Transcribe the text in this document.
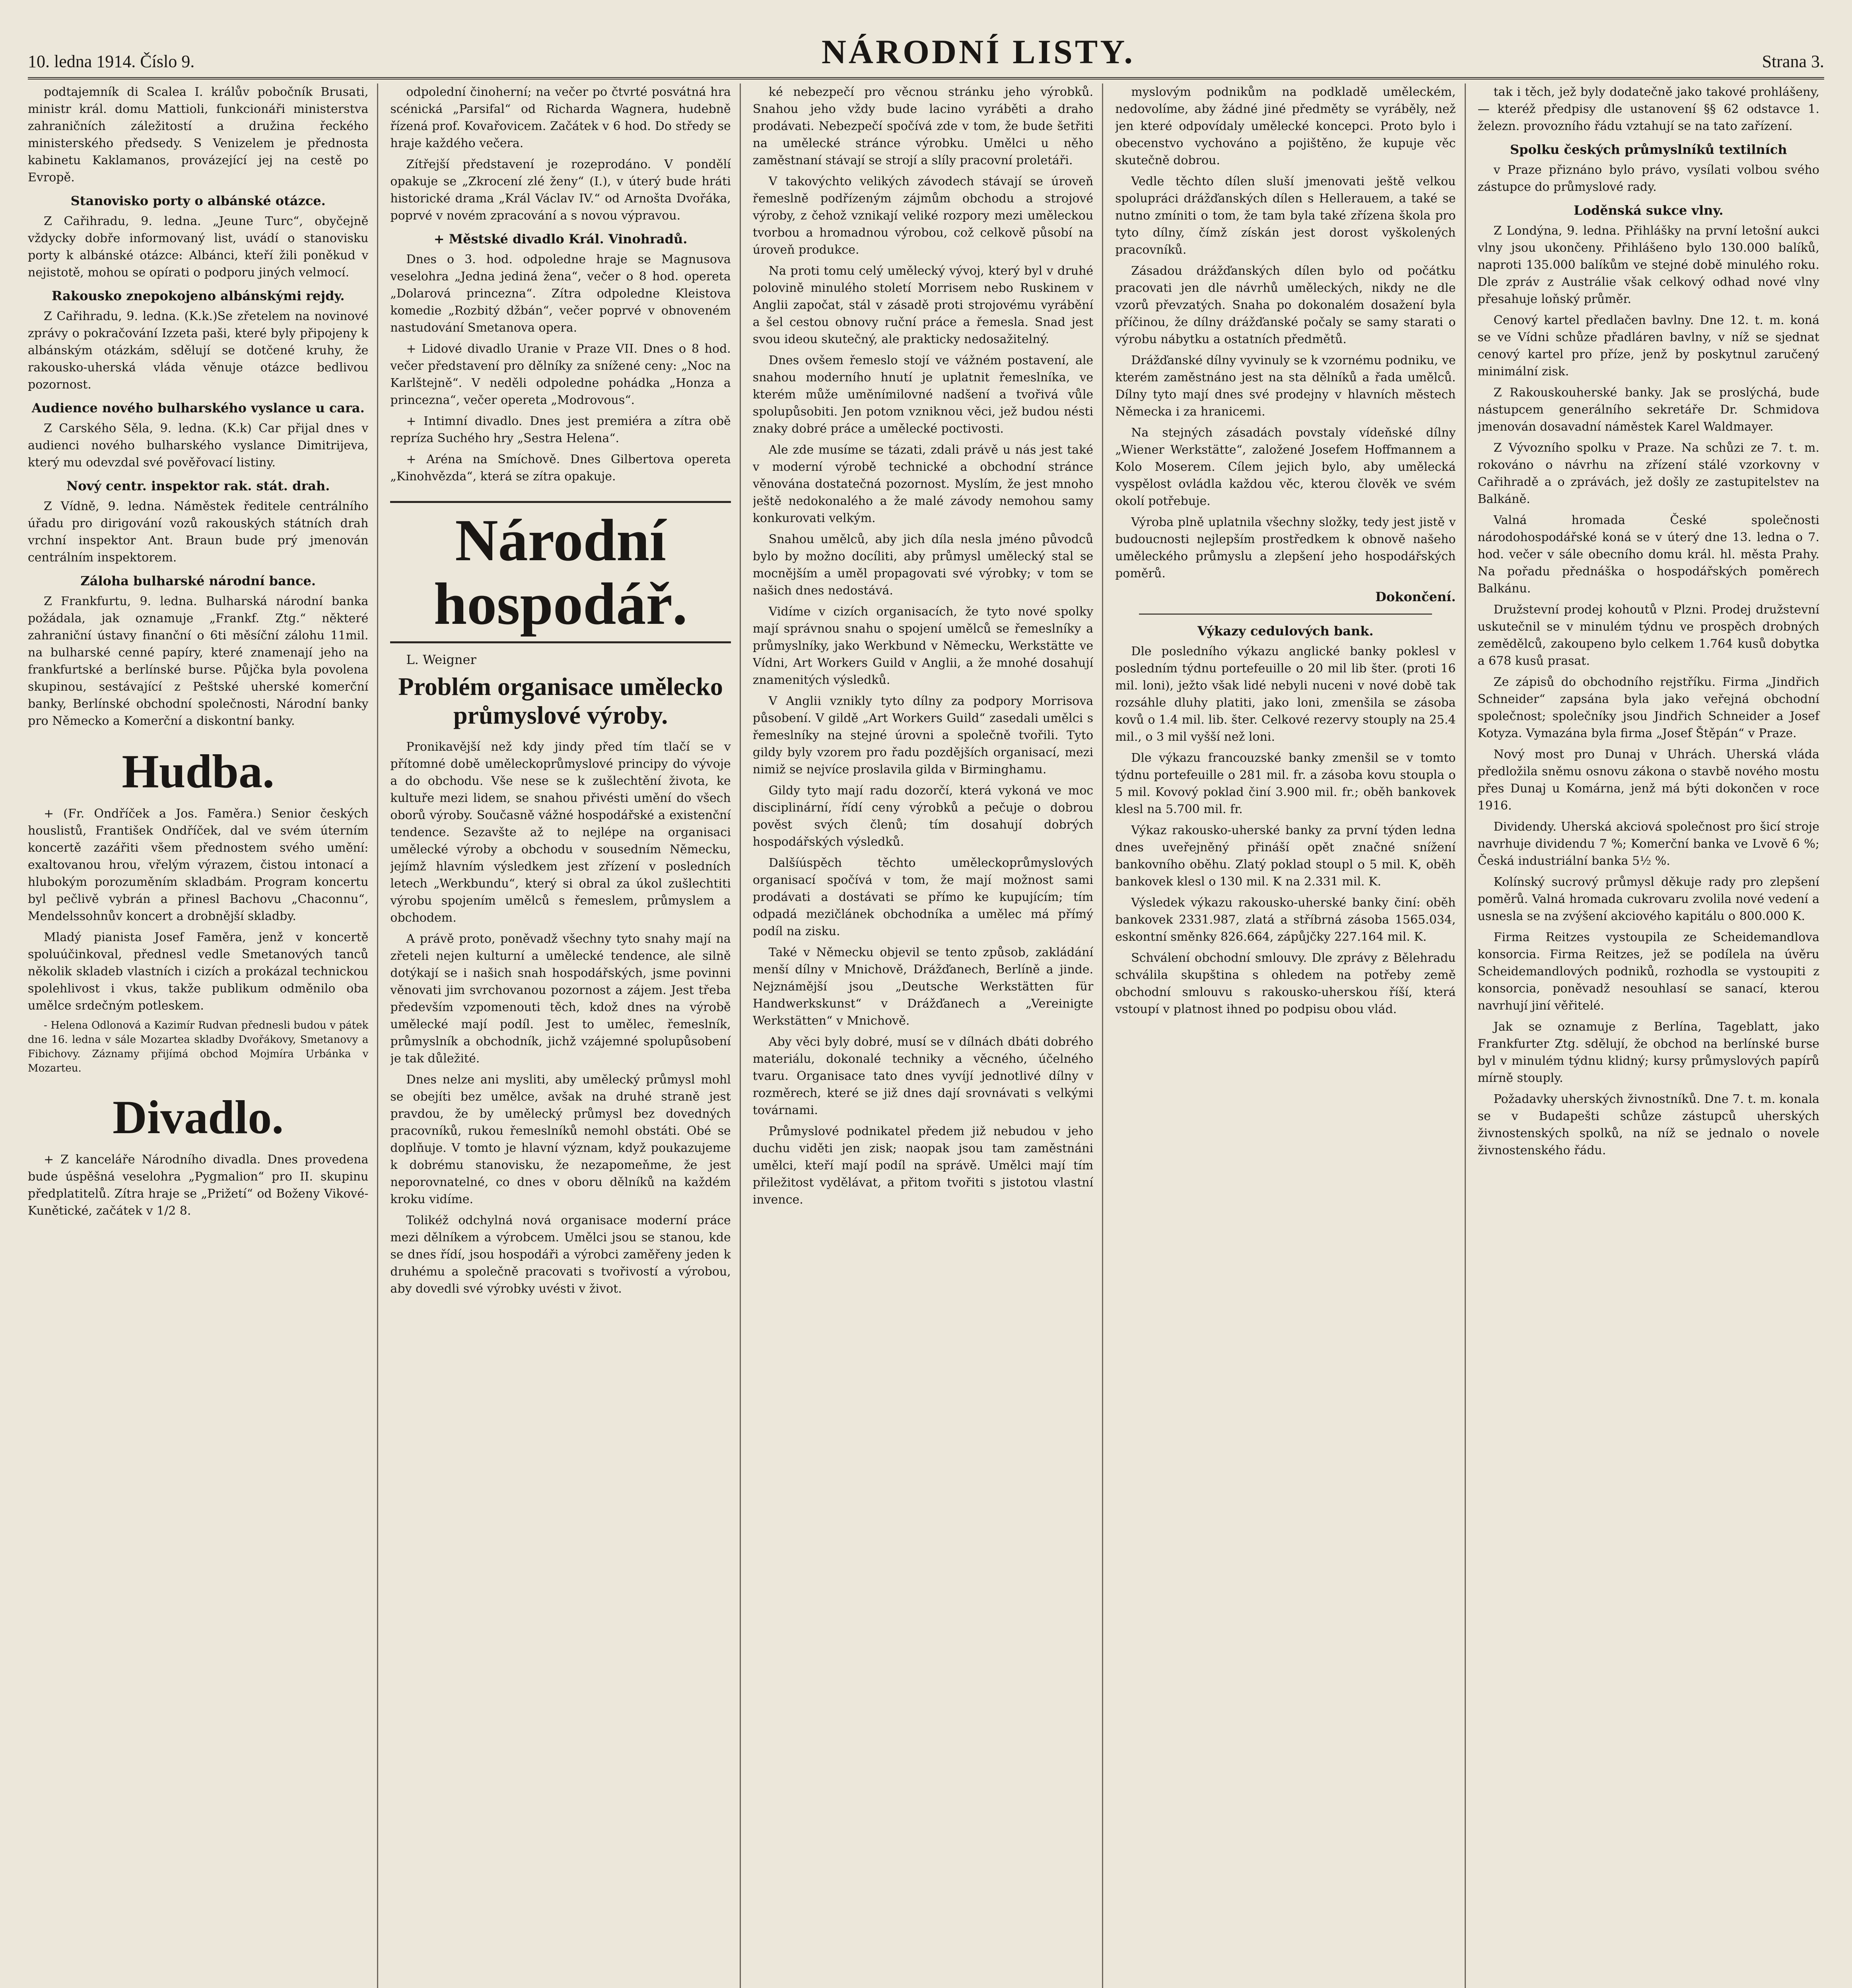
10. ledna 1914. Číslo 9.	NÁRODNÍ LISTY.	Strana 3.

podtajemník di Scalea I. králův pobočník Brusati, ministr král. domu Mattioli, funkcionáři ministerstva zahraničních záležitostí a družina řeckého ministerského předsedy. S Venizelem je přednosta kabinetu Kaklamanos, provázející jej na cestě po Evropě.

Stanovisko porty o albánské otázce.

Z Cařihradu, 9. ledna. „Jeune Turc“, obyčejně vždycky dobře informovaný list, uvádí o stanovisku porty k albánské otázce: Albánci, kteří žili poněkud v nejistotě, mohou se opírati o podporu jiných velmocí.

Rakousko znepokojeno albánskými rejdy.

Z Cařihradu, 9. ledna. (K.k.)Se zřetelem na novinové zprávy o pokračování Izzeta paši, které byly připojeny k albánským otázkám, sdělují se dotčené kruhy, že rakousko-uherská vláda věnuje otázce bedlivou pozornost.

Audience nového bulharského vyslance u cara.

Z Carského Sěla, 9. ledna. (K.k) Car přijal dnes v audienci nového bulharského vyslance Dimitrijeva, který mu odevzdal své pověřovací listiny.

Nový centr. inspektor rak. stát. drah.

Z Vídně, 9. ledna. Náměstek ředitele centrálního úřadu pro dirigování vozů rakouských státních drah vrchní inspektor Ant. Braun bude prý jmenován centrálním inspektorem.

Záloha bulharské národní bance.

Z Frankfurtu, 9. ledna. Bulharská národní banka požádala, jak oznamuje „Frankf. Ztg.“ některé zahraniční ústavy finanční o 6ti měsíční zálohu 11mil. na bulharské cenné papíry, které znamenají jeho na frankfurtské a berlínské burse. Půjčka byla povolena skupinou, sestávající z Peštské uherské komerční banky, Berlínské obchodní společnosti, Národní banky pro Německo a Komerční a diskontní banky.

Hudba.

+ (Fr. Ondříček a Jos. Faměra.) Senior českých houslistů, František Ondříček, dal ve svém úterním koncertě zazářiti všem přednostem svého umění: exaltovanou hrou, vřelým výrazem, čistou intonací a hlubokým porozuměním skladbám. Program koncertu byl pečlivě vybrán a přinesl Bachovu „Chaconnu“, Mendelssohnův koncert a drobnější skladby.

Mladý pianista Josef Faměra, jenž v koncertě spoluúčinkoval, přednesl vedle Smetanových tanců několik skladeb vlastních i cizích a prokázal technickou spolehlivost i vkus, takže publikum odměnilo oba umělce srdečným potleskem.

- Helena Odlonová a Kazimír Rudvan přednesli budou v pátek dne 16. ledna v sále Mozartea skladby Dvořákovy, Smetanovy a Fibichovy. Záznamy přijímá obchod Mojmíra Urbánka v Mozarteu.

Divadlo.

+ Z kanceláře Národního divadla. Dnes provedena bude úspěšná veselohra „Pygmalion“ pro II. skupinu předplatitelů. Zítra hraje se „Prižetí“ od Boženy Vikové-Kunětické, začátek v 1/2 8.

odpolední činoherní; na večer po čtvrté posvátná hra scénická „Parsifal“ od Richarda Wagnera, hudebně řízená prof. Kovařovicem. Začátek v 6 hod. Do středy se hraje každého večera.

Zítřejší představení je rozeprodáno. V pondělí opakuje se „Zkrocení zlé ženy“ (I.), v úterý bude hráti historické drama „Král Václav IV.“ od Arnošta Dvořáka, poprvé v novém zpracování a s novou výpravou.

+ Městské divadlo Král. Vinohradů.

Dnes o 3. hod. odpoledne hraje se Magnusova veselohra „Jedna jediná žena“, večer o 8 hod. opereta „Dolarová princezna“. Zítra odpoledne Kleistova komedie „Rozbitý džbán“, večer poprvé v obnoveném nastudování Smetanova opera.

+ Lidové divadlo Uranie v Praze VII. Dnes o 8 hod. večer představení pro dělníky za snížené ceny: „Noc na Karlštejně“. V neděli odpoledne pohádka „Honza a princezna“, večer opereta „Modrovous“.

+ Intimní divadlo. Dnes jest premiéra a zítra obě repríza Suchého hry „Sestra Helena“.

+ Aréna na Smíchově. Dnes Gilbertova opereta „Kinohvězda“, která se zítra opakuje.

Národní hospodář.

L. Weigner

Problém organisace umělecko průmyslové výroby.

Pronikavější než kdy jindy před tím tlačí se v přítomné době uměleckoprůmyslové principy do vývoje a do obchodu. Vše nese se k zušlechtění života, ke kultuře mezi lidem, se snahou přivésti umění do všech oborů výroby. Současně vážné hospodářské a existenční tendence. Sezavšte až to nejlépe na organisaci umělecké výroby a obchodu v sousedním Německu, jejímž hlavním výsledkem jest zřízení v posledních letech „Werkbundu“, který si obral za úkol zušlechtiti výrobu spojením umělců s řemeslem, průmyslem a obchodem.

A právě proto, poněvadž všechny tyto snahy mají na zřeteli nejen kulturní a umělecké tendence, ale silně dotýkají se i našich snah hospodářských, jsme povinni věnovati jim svrchovanou pozornost a zájem. Jest třeba především vzpomenouti těch, kdož dnes na výrobě umělecké mají podíl. Jest to umělec, řemeslník, průmyslník a obchodník, jichž vzájemné spolupůsobení je tak důležité.

Dnes nelze ani mysliti, aby umělecký průmysl mohl se obejíti bez umělce, avšak na druhé straně jest pravdou, že by umělecký průmysl bez dovedných pracovníků, rukou řemeslníků nemohl obstáti. Obé se doplňuje. V tomto je hlavní význam, když poukazujeme k dobrému stanovisku, že nezapomeňme, že jest neporovnatelné, co dnes v oboru dělníků na každém kroku vidíme.

Tolikéž odchylná nová organisace moderní práce mezi dělníkem a výrobcem. Umělci jsou se stanou, kde se dnes řídí, jsou hospodáři a výrobci zaměřeny jeden k druhému a společně pracovati s tvořivostí a výrobou, aby dovedli své výrobky uvésti v život.

ké nebezpečí pro věcnou stránku jeho výrobků. Snahou jeho vždy bude lacino vyráběti a draho prodávati. Nebezpečí spočívá zde v tom, že bude šetřiti na umělecké stránce výrobku. Umělci u něho zaměstnaní stávají se strojí a slíly pracovní proletáři.

V takovýchto velikých závodech stávají se úroveň řemeslně podřízeným zájmům obchodu a strojové výroby, z čehož vznikají veliké rozpory mezi uměleckou tvorbou a hromadnou výrobou, což celkově působí na úroveň produkce.

Na proti tomu celý umělecký vývoj, který byl v druhé polovině minulého století Morrisem nebo Ruskinem v Anglii započat, stál v zásadě proti strojovému vyrábění a šel cestou obnovy ruční práce a řemesla. Snad jest svou ideou skutečný, ale prakticky nedosažitelný.

Dnes ovšem řemeslo stojí ve vážném postavení, ale snahou moderního hnutí je uplatnit řemeslníka, ve kterém může uměnímilovné nadšení a tvořivá vůle spolupůsobiti. Jen potom vzniknou věci, jež budou nésti znaky dobré práce a umělecké poctivosti.

Ale zde musíme se tázati, zdali právě u nás jest také v moderní výrobě technické a obchodní stránce věnována dostatečná pozornost. Myslím, že jest mnoho ještě nedokonalého a že malé závody nemohou samy konkurovati velkým.

Snahou umělců, aby jich díla nesla jméno původců bylo by možno docíliti, aby průmysl umělecký stal se mocnějším a uměl propagovati své výrobky; v tom se našich dnes nedostává.

Vidíme v cizích organisacích, že tyto nové spolky mají správnou snahu o spojení umělců se řemeslníky a průmyslníky, jako Werkbund v Německu, Werkstätte ve Vídni, Art Workers Guild v Anglii, a že mnohé dosahují znamenitých výsledků.

V Anglii vznikly tyto dílny za podpory Morrisova působení. V gildě „Art Workers Guild“ zasedali umělci s řemeslníky na stejné úrovni a společně tvořili. Tyto gildy byly vzorem pro řadu pozdějších organisací, mezi nimiž se nejvíce proslavila gilda v Birminghamu.

Gildy tyto mají radu dozorčí, která vykoná ve moc disciplinární, řídí ceny výrobků a pečuje o dobrou pověst svých členů; tím dosahují dobrých hospodářských výsledků.

Dalšíúspěch těchto uměleckoprůmyslových organisací spočívá v tom, že mají možnost sami prodávati a dostávati se přímo ke kupujícím; tím odpadá mezičlánek obchodníka a umělec má přímý podíl na zisku.

Také v Německu objevil se tento způsob, zakládání menší dílny v Mnichově, Drážďanech, Berlíně a jinde. Nejznámější jsou „Deutsche Werkstätten für Handwerkskunst“ v Drážďanech a „Vereinigte Werkstätten“ v Mnichově.

Aby věci byly dobré, musí se v dílnách dbáti dobrého materiálu, dokonalé techniky a věcného, účelného tvaru. Organisace tato dnes vyvíjí jednotlivé dílny v rozměrech, které se již dnes dají srovnávati s velkými továrnami.

Průmyslové podnikatel předem již nebudou v jeho duchu viděti jen zisk; naopak jsou tam zaměstnáni umělci, kteří mají podíl na správě. Umělci mají tím přiležitost vydělávat, a přitom tvořiti s jistotou vlastní invence.

myslovým podnikům na podkladě uměleckém, nedovolíme, aby žádné jiné předměty se vyráběly, než jen které odpovídaly umělecké koncepci. Proto bylo i obecenstvo vychováno a pojištěno, že kupuje věc skutečně dobrou.

Vedle těchto dílen sluší jmenovati ještě velkou spolupráci drážďanských dílen s Hellerauem, a také se nutno zmíniti o tom, že tam byla také zřízena škola pro tyto dílny, čímž získán jest dorost vyškolených pracovníků.

Zásadou drážďanských dílen bylo od počátku pracovati jen dle návrhů uměleckých, nikdy ne dle vzorů převzatých. Snaha po dokonalém dosažení byla příčinou, že dílny drážďanské počaly se samy starati o výrobu nábytku a ostatních předmětů.

Drážďanské dílny vyvinuly se k vzornému podniku, ve kterém zaměstnáno jest na sta dělníků a řada umělců. Dílny tyto mají dnes své prodejny v hlavních městech Německa i za hranicemi.

Na stejných zásadách povstaly vídeňské dílny „Wiener Werkstätte“, založené Josefem Hoffmannem a Kolo Moserem. Cílem jejich bylo, aby umělecká vyspělost ovládla každou věc, kterou člověk ve svém okolí potřebuje.

Výroba plně uplatnila všechny složky, tedy jest jistě v budoucnosti nejlepším prostředkem k obnově našeho uměleckého průmyslu a zlepšení jeho hospodářských poměrů.

Dokončení.

Výkazy cedulových bank.

Dle posledního výkazu anglické banky poklesl v posledním týdnu portefeuille o 20 mil lib šter. (proti 16 mil. loni), ježto však lidé nebyli nuceni v nové době tak rozsáhle dluhy platiti, jako loni, zmenšila se zásoba kovů o 1.4 mil. lib. šter. Celkové rezervy stouply na 25.4 mil., o 3 mil vyšší než loni.

Dle výkazu francouzské banky zmenšil se v tomto týdnu portefeuille o 281 mil. fr. a zásoba kovu stoupla o 5 mil. Kovový poklad činí 3.900 mil. fr.; oběh bankovek klesl na 5.700 mil. fr.

Výkaz rakousko-uherské banky za první týden ledna dnes uveřejněný přináší opět značné snížení bankovního oběhu. Zlatý poklad stoupl o 5 mil. K, oběh bankovek klesl o 130 mil. K na 2.331 mil. K.

Výsledek výkazu rakousko-uherské banky činí: oběh bankovek 2331.987, zlatá a stříbrná zásoba 1565.034, eskontní směnky 826.664, zápůjčky 227.164 mil. K.

Schválení obchodní smlouvy. Dle zprávy z Bělehradu schválila skupština s ohledem na potřeby země obchodní smlouvu s rakousko-uherskou říší, která vstoupí v platnost ihned po podpisu obou vlád.

tak i těch, jež byly dodatečně jako takové prohlášeny, — kteréž předpisy dle ustanovení §§ 62 odstavce 1. železn. provozního řádu vztahují se na tato zařízení.

Spolku českých průmyslníků textilních

v Praze přiznáno bylo právo, vysílati volbou svého zástupce do průmyslové rady.

Loděnská sukce vlny.

Z Londýna, 9. ledna. Přihlášky na první letošní aukci vlny jsou ukončeny. Přihlášeno bylo 130.000 balíků, naproti 135.000 balíkům ve stejné době minulého roku. Dle zpráv z Austrálie však celkový odhad nové vlny přesahuje loňský průměr.

Cenový kartel předlačen bavlny. Dne 12. t. m. koná se ve Vídni schůze přadláren bavlny, v níž se sjednat cenový kartel pro příze, jenž by poskytnul zaručený minimální zisk.

Z Rakouskouherské banky. Jak se proslýchá, bude nástupcem generálního sekretáře Dr. Schmidova jmenován dosavadní náměstek Karel Waldmayer.

Z Vývozního spolku v Praze. Na schůzi ze 7. t. m. rokováno o návrhu na zřízení stálé vzorkovny v Cařihradě a o zprávách, jež došly ze zastupitelstev na Balkáně.

Valná hromada České společnosti národohospodářské koná se v úterý dne 13. ledna o 7. hod. večer v sále obecního domu král. hl. města Prahy. Na pořadu přednáška o hospodářských poměrech Balkánu.

Družstevní prodej kohoutů v Plzni. Prodej družstevní uskutečnil se v minulém týdnu ve prospěch drobných zemědělců, zakoupeno bylo celkem 1.764 kusů dobytka a 678 kusů prasat.

Ze zápisů do obchodního rejstříku. Firma „Jindřich Schneider“ zapsána byla jako veřejná obchodní společnost; společníky jsou Jindřich Schneider a Josef Kotyza. Vymazána byla firma „Josef Štěpán“ v Praze.

Nový most pro Dunaj v Uhrách. Uherská vláda předložila sněmu osnovu zákona o stavbě nového mostu přes Dunaj u Komárna, jenž má býti dokončen v roce 1916.

Dividendy. Uherská akciová společnost pro šicí stroje navrhuje dividendu 7 %; Komerční banka ve Lvově 6 %; Česká industriální banka 5½ %.

Kolínský sucrový průmysl děkuje rady pro zlepšení poměrů. Valná hromada cukrovaru zvolila nové vedení a usnesla se na zvýšení akciového kapitálu o 800.000 K.

Firma Reitzes vystoupila ze Scheidemandlova konsorcia. Firma Reitzes, jež se podílela na úvěru Scheidemandlových podniků, rozhodla se vystoupiti z konsorcia, poněvadž nesouhlasí se sanací, kterou navrhují jiní věřitelé.

Jak se oznamuje z Berlína, Tageblatt, jako Frankfurter Ztg. sdělují, že obchod na berlínské burse byl v minulém týdnu klidný; kursy průmyslových papírů mírně stouply.

Požadavky uherských živnostníků. Dne 7. t. m. konala se v Budapešti schůze zástupců uherských živnostenských spolků, na níž se jednalo o novele živnostenského řádu.
